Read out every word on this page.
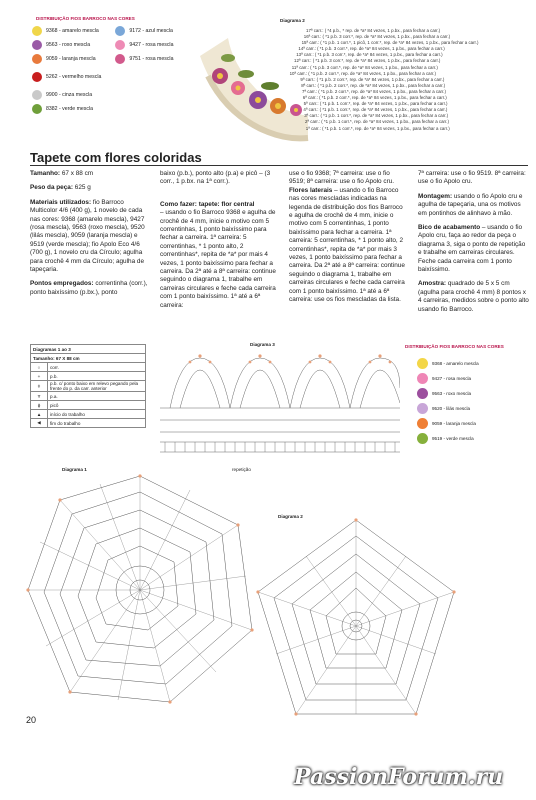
DISTRIBUIÇÃO FIOS BARROCO NAS CORES
9368 - amarelo mescla
9563 - roxo mescla
9059 - laranja mescla
5262 - vermelho mescla
9900 - cinza mescla
8382 - verde mescla
9172 - azul mescla
9427 - rosa mescla
9751 - rosa mescla
Diagrama 2
17ª carr.: ( *4 p.b., * rep. de *a* 84 vezes, 1 p.bx., para fechar a carr.)
16ª carr.: ( *1 p.b. 3 corr.*, rep. de *a* 84 vezes, 1 p.bx., para fechar a carr.)
15ª carr.: ( *1 p.b. 1 corr.*, 1 picô, 1 corr.*, rep. de *a* 84 vezes, 1 p.bx., para fechar a carr.)
14ª carr.: ( *1 p.b. 3 corr.*, rep. de *a* 84 vezes, 1 p.bx., para fechar a carr.)
13ª carr.: ( *1 p.b. 3 corr.*, rep. de *a* 84 vezes, 1 p.bx., para fechar a carr.)
12ª carr.: ( *1 p.b. 3 corr.*, rep. de *a* 84 vezes, 1 p.bx., para fechar a carr.)
11ª carr.: ( *1 p.b. 3 corr.*, rep. de *a* 84 vezes, 1 p.bx., para fechar a carr.)
10ª carr.: ( *1 p.b. 2 corr.*, rep. de *a* 84 vezes, 1 p.bx., para fechar a carr.)
9ª carr.: ( *1 p.b. 2 corr.*, rep. de *a* 84 vezes, 1 p.bx., para fechar a carr.)
8ª carr.: ( *1 p.b. 2 corr.*, rep. de *a* 84 vezes, 1 p.bx., para fechar a carr.)
7ª carr.: ( *1 p.b. 2 corr.*, rep. de *a* 84 vezes, 1 p.bx., para fechar a carr.)
6ª carr.: ( *1 p.b. 2 corr.*, rep. de *a* 84 vezes, 1 p.bx., para fechar a carr.)
5ª carr.: ( *1 p.b. 1 corr.*, rep. de *a* 84 vezes, 1 p.bx., para fechar a carr.)
4ª carr.: ( *1 p.b. 1 corr.*, rep. de *a* 84 vezes, 1 p.bx., para fechar a carr.)
3ª carr.: ( *1 p.b. 1 corr.*, rep. de *a* 84 vezes, 1 p.bx., para fechar a carr.)
2ª carr.: ( *1 p.b. 1 corr.*, rep. de *a* 84 vezes, 1 p.bx., para fechar a carr.)
1ª carr.: ( *1 p.b. 1 corr.*, rep. de *a* 84 vezes, 1 p.bx., para fechar a carr.)
Tapete com flores coloridas
Tamanho: 67 x 88 cm
Peso da peça: 625 g
Materiais utilizados: fio Barroco Multicolor 4/6 (400 g), 1 novelo de cada nas cores: 9368 (amarelo mescla), 9427 (rosa mescla), 9563 (roxo mescla), 9520 (lilás mescla), 9059 (laranja mescla) e 9519 (verde mescla); fio Apolo Eco 4/6 (700 g), 1 novelo cru da Círculo; agulha para crochê 4 mm da Círculo; agulha de tapeçaria.
Pontos empregados: correntinha (corr.), ponto baixíssimo (p.bx.), ponto
baixo (p.b.), ponto alto (p.a) e picô – (3 corr., 1 p.bx. na 1ª corr.).
Como fazer: tapete: flor central
– usando o fio Barroco 9368 e agulha de crochê de 4 mm, inicie o motivo com 5 correntinhas, 1 ponto baixíssimo para fechar a carreira. 1ª carreira: 5 correntinhas, * 1 ponto alto, 2 correntinhas*, repita de *a* por mais 4 vezes, 1 ponto baixíssimo para fechar a carreira. Da 2ª até a 8ª carreira: continue seguindo o diagrama 1, trabalhe em carreiras circulares e feche cada carreira com 1 ponto baixíssimo. 1ª até a 6ª carreira:
use o fio 9368; 7ª carreira: use o fio 9519; 8ª carreira: use o fio Apolo cru.
Flores laterais – usando o fio Barroco nas cores mescladas indicadas na legenda de distribuição dos fios Barroco e agulha de crochê de 4 mm, inicie o motivo com 5 correntinhas, 1 ponto baixíssimo para fechar a carreira. 1ª carreira: 5 correntinhas, * 1 ponto alto, 2 correntinhas*, repita de *a* por mais 3 vezes, 1 ponto baixíssimo para fechar a carreira. Da 2ª até a 8ª carreira: continue seguindo o diagrama 1, trabalhe em carreiras circulares e feche cada carreira com 1 ponto baixíssimo. 1ª até a 6ª carreira: use os fios mescladas da lista.
7ª carreira: use o fio 9519. 8ª carreira: use o fio Apolo cru.
Montagem: usando o fio Apolo cru e agulha de tapeçaria, una os motivos em pontinhos de alinhavo à mão.
Bico de acabamento – usando o fio Apolo cru, faça ao redor da peça o diagrama 3, siga o ponto de repetição e trabalhe em carreiras circulares. Feche cada carreira com 1 ponto baixíssimo.
Amostra: quadrado de 5 x 5 cm (agulha para crochê 4 mm) 8 pontos x 4 carreiras, medidos sobre o ponto alto usando fio Barroco.
Diagramas 1 ao 3	
Tamanho: 67 X 88 cm	
○	corr.
+	p.b.
ǂ	p.b. c/ ponto baixo em relevo pegando pela frente do p. da carr. anterior
Ŧ	p.a.
ɸ	picô
▲	início do trabalho
◀	fim do trabalho
Diagrama 3
repetição
DISTRIBUIÇÃO FIOS BARROCO NAS CORES
9368 - amarelo mescla
9427 - rosa mescla
9563 - roxo mescla
9520 - lilás mescla
9059 - laranja mescla
9519 - verde mescla
Diagrama 1
Diagrama 2
20
PassionForum.ru
